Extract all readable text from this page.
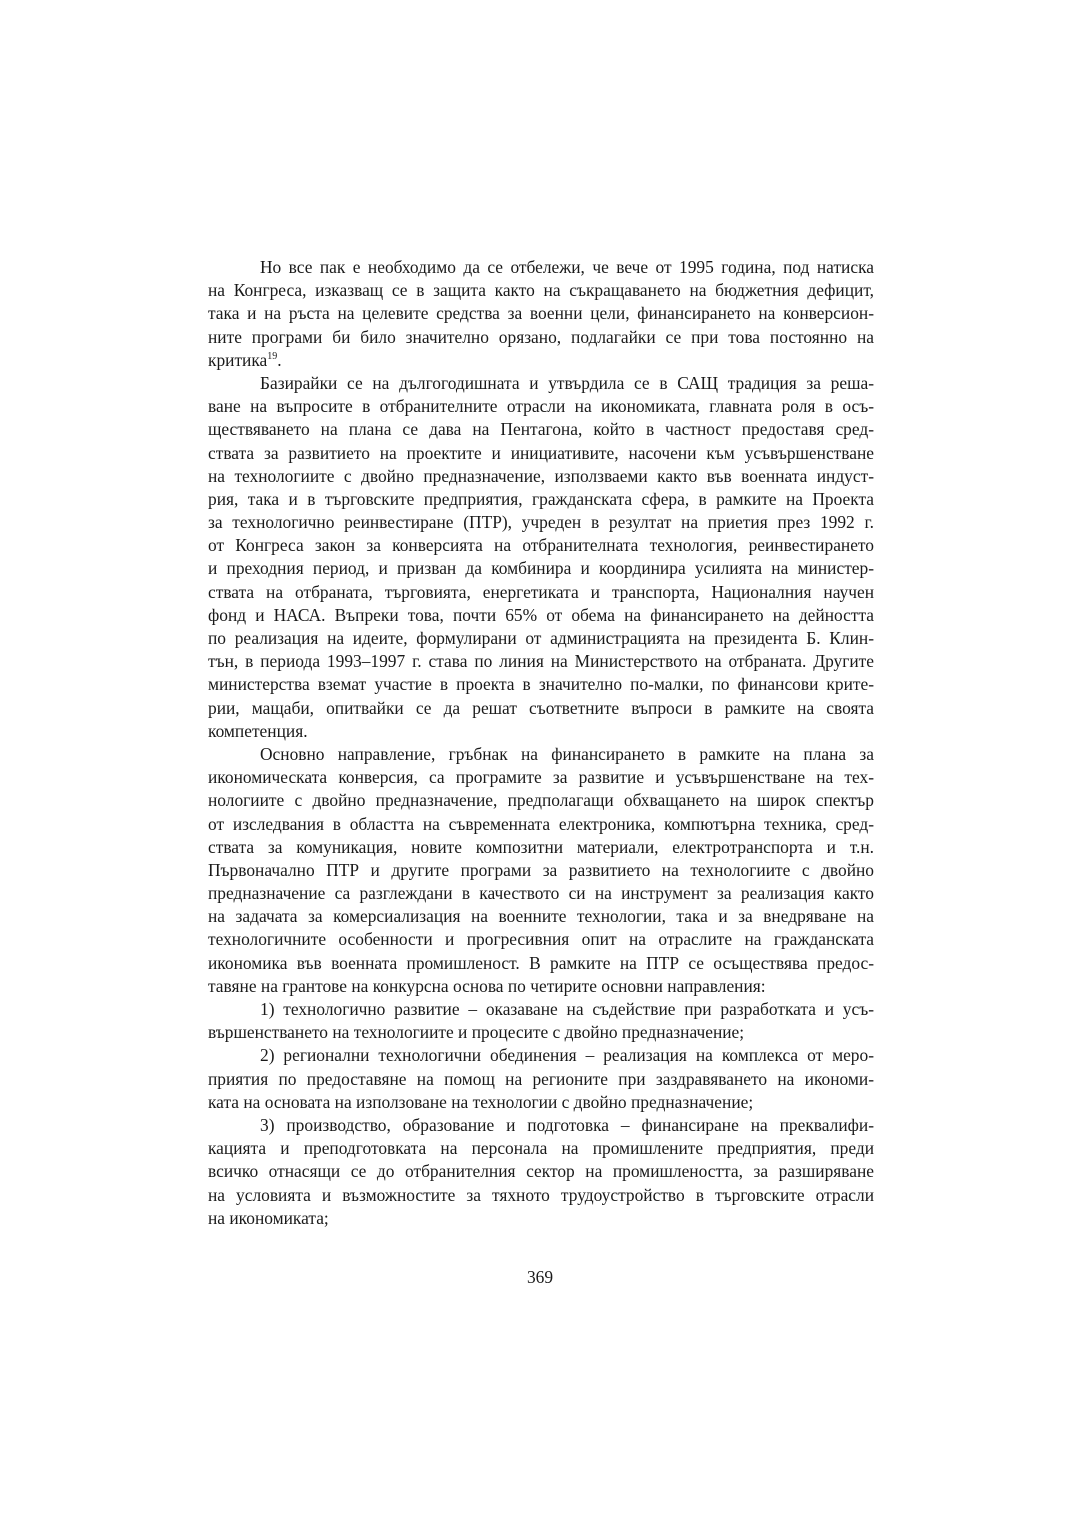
Но все пак е необходимо да се отбележи, че вече от 1995 година, под натиска
на Конгреса, изказващ се в защита както на съкращаването на бюджетния дефицит,
така и на ръста на целевите средства за военни цели, финансирането на конверсион-
ните програми би било значително орязано, подлагайки се при това постоянно на
критика$^{19}$.
Базирайки се на дългогодишната и утвърдила се в САЩ традиция за реша-
ване на въпросите в отбранителните отрасли на икономиката, главната роля в осъ-
ществяването на плана се дава на Пентагона, който в частност предоставя сред-
ствата за развитието на проектите и инициативите, насочени към усъвършенстване
на технологиите с двойно предназначение, използваеми както във военната индуст-
рия, така и в търговските предприятия, гражданската сфера, в рамките на Проекта
за технологично реинвестиране (ПТР), учреден в резултат на приетия през 1992 г.
от Конгреса закон за конверсията на отбранителната технология, реинвестирането
и преходния период, и призван да комбинира и координира усилията на министер-
ствата на отбраната, търговията, енергетиката и транспорта, Националния научен
фонд и НАСА. Въпреки това, почти 65% от обема на финансирането на дейността
по реализация на идеите, формулирани от администрацията на президента Б. Клин-
тън, в периода 1993–1997 г. става по линия на Министерството на отбраната. Другите
министерства вземат участие в проекта в значително по-малки, по финансови крите-
рии, мащаби, опитвайки се да решат съответните въпроси в рамките на своята
компетенция.
Основно направление, гръбнак на финансирането в рамките на плана за
икономическата конверсия, са програмите за развитие и усъвършенстване на тех-
нологиите с двойно предназначение, предполагащи обхващането на широк спектър
от изследвания в областта на съвременната електроника, компютърна техника, сред-
ствата за комуникация, новите композитни материали, електротранспорта и т.н.
Първоначално ПТР и другите програми за развитието на технологиите с двойно
предназначение са разглеждани в качеството си на инструмент за реализация както
на задачата за комерсиализация на военните технологии, така и за внедряване на
технологичните особенности и прогресивния опит на отраслите на гражданската
икономика във военната промишленост. В рамките на ПТР се осъществява предос-
тавяне на грантове на конкурсна основа по четирите основни направления:
1) технологично развитие – оказаване на съдействие при разработката и усъ-
вършенстването на технологиите и процесите с двойно предназначение;
2) регионални технологични обединения – реализация на комплекса от меро-
приятия по предоставяне на помощ на регионите при заздравяването на икономи-
ката на основата на използоване на технологии с двойно предназначение;
3) производство, образование и подготовка – финансиране на преквалифи-
кацията и преподготовката на персонала на промишлените предприятия, преди
всичко отнасящи се до отбранителния сектор на промишлеността, за разширяване
на условията и възможностите за тяхното трудоустройство в търговските отрасли
на икономиката;
369
